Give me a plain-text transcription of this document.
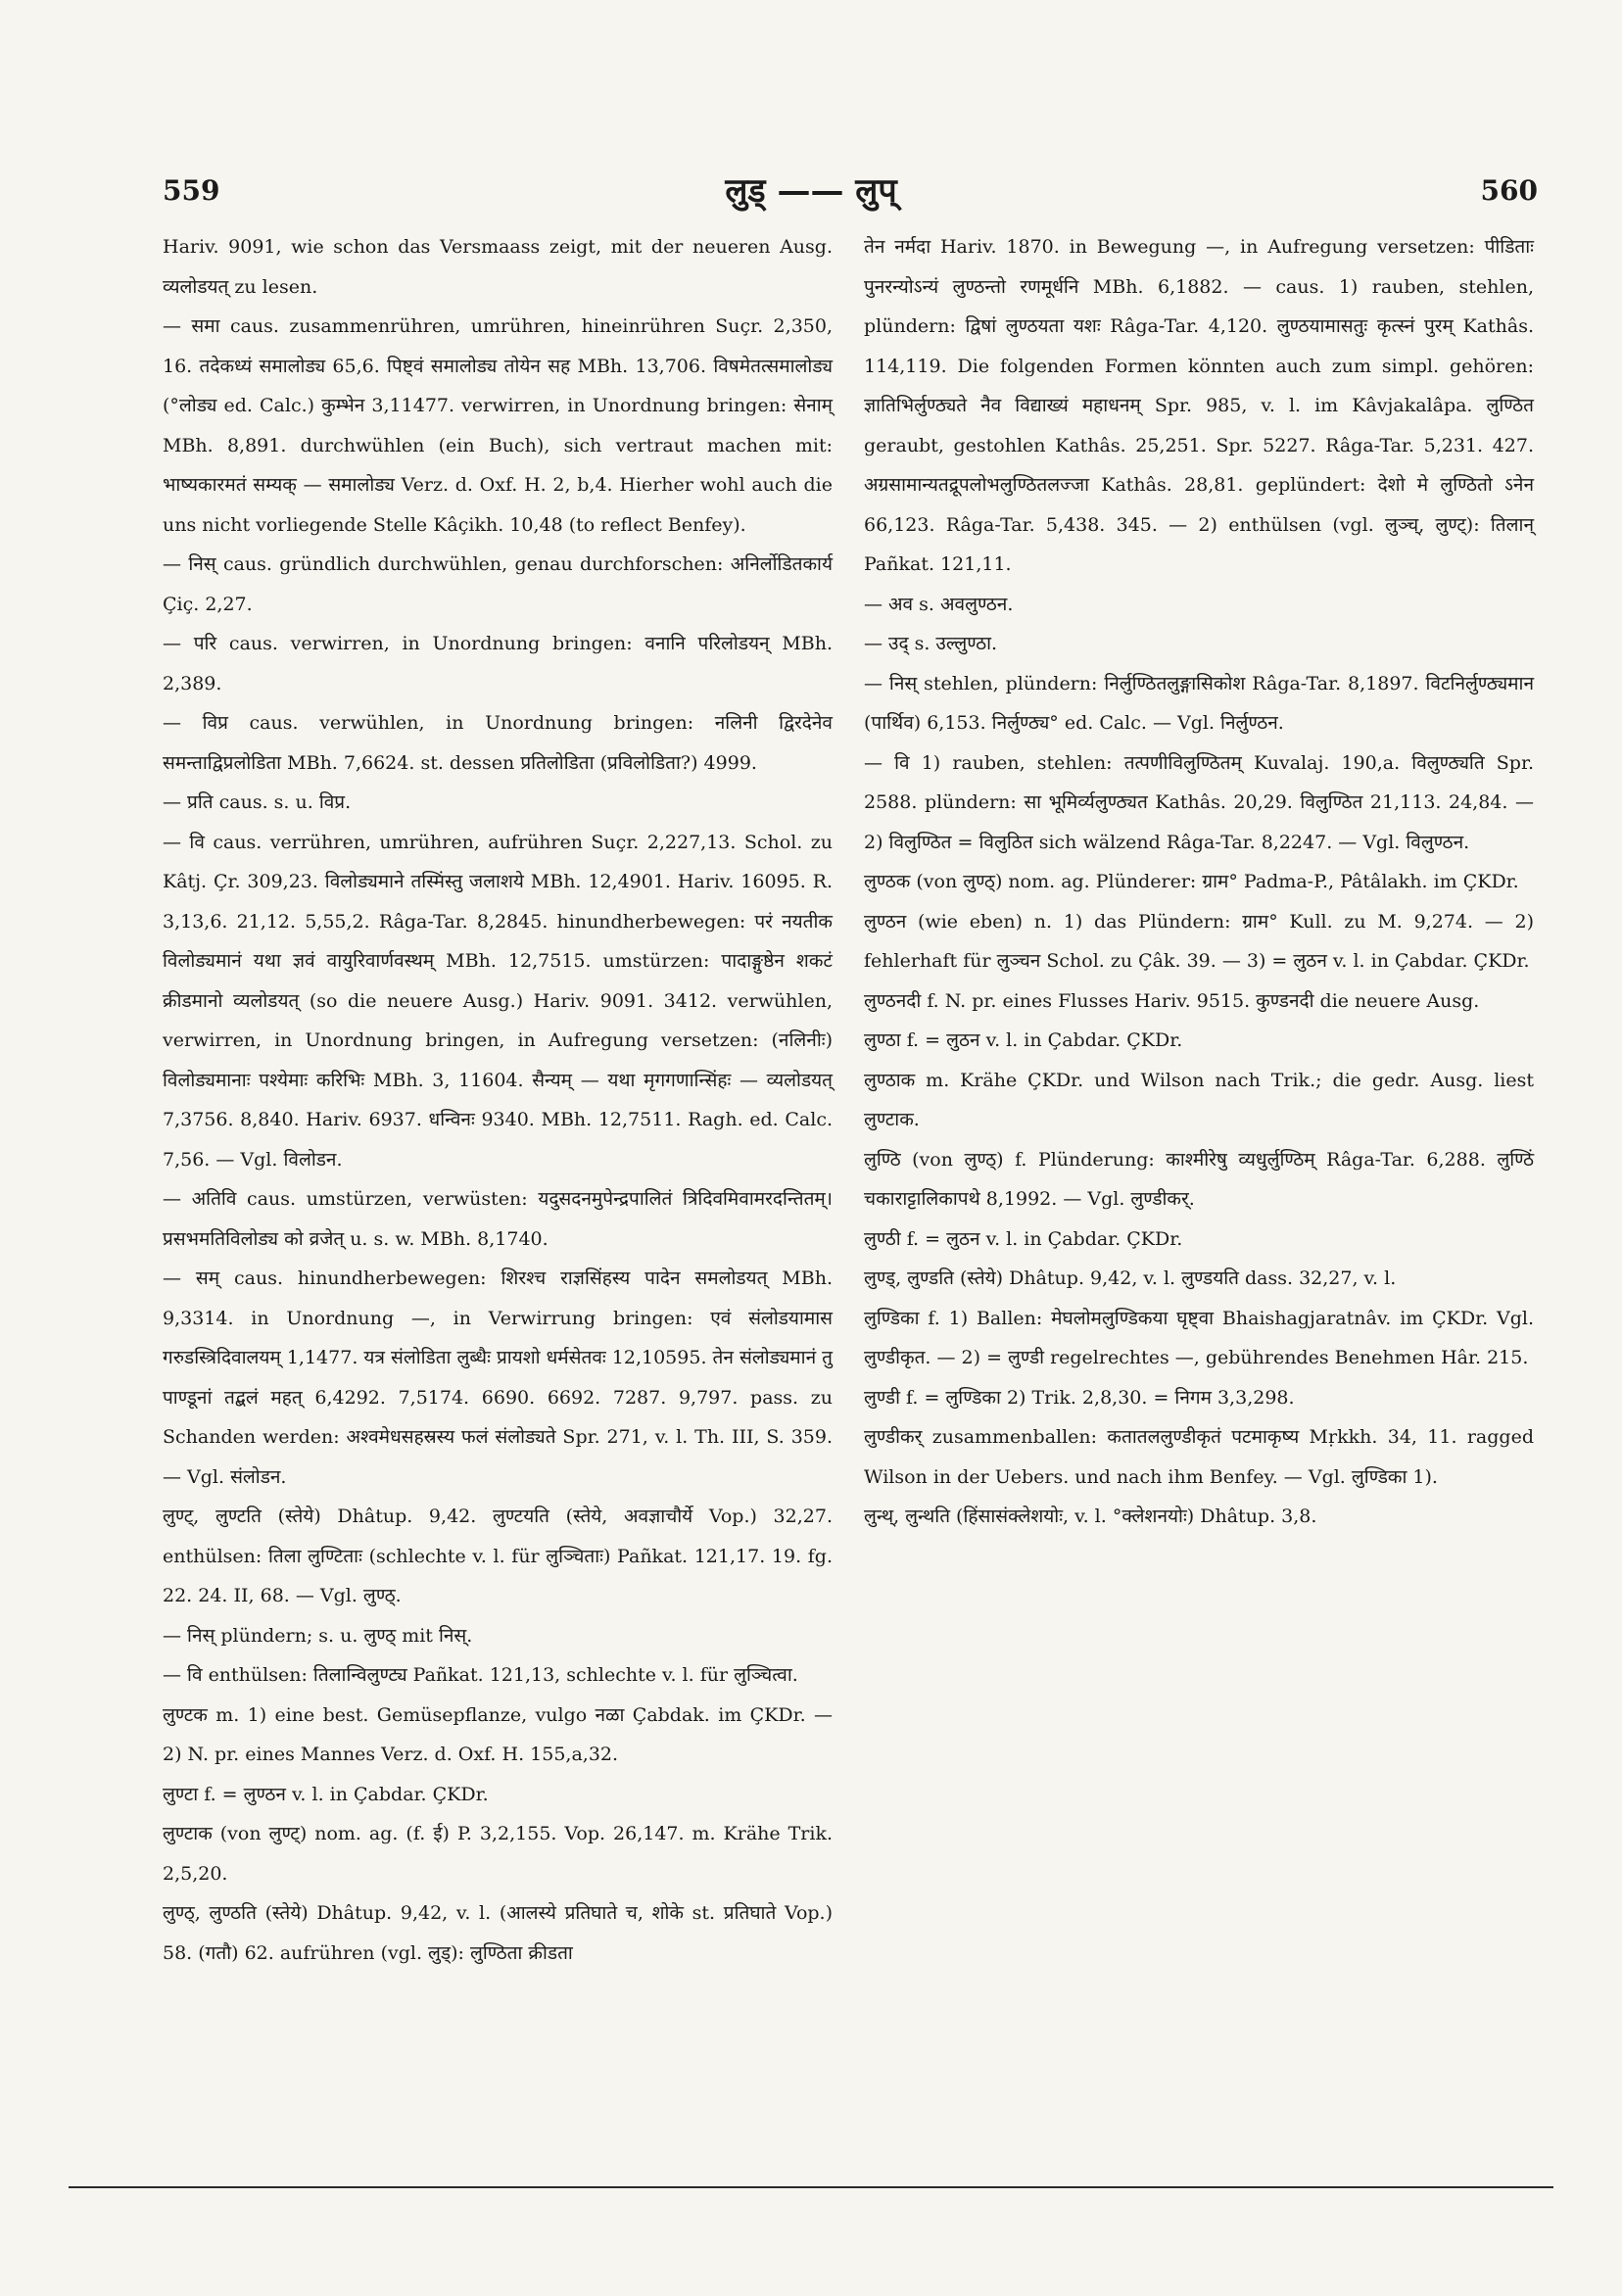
559	लुड् —— लुप्	560

Hariv. 9091, wie schon das Versmaass zeigt, mit der neueren Ausg. व्यलोडयत् zu lesen.

— समा caus. zusammenrühren, umrühren, hineinrühren Suçr. 2,350, 16. तदेकध्यं समालोड्य 65,6. पिष्ट्वं समालोड्य तोयेन सह MBh. 13,706. विषमेतत्समालोड्य (°लोड्य ed. Calc.) कुम्भेन 3,11477. verwirren, in Unordnung bringen: सेनाम् MBh. 8,891. durchwühlen (ein Buch), sich vertraut machen mit: भाष्यकारमतं सम्यक् — समालोड्य Verz. d. Oxf. H. 2, b,4. Hierher wohl auch die uns nicht vorliegende Stelle Kâçikh. 10,48 (to reflect Benfey).

— निस् caus. gründlich durchwühlen, genau durchforschen: अनिर्लोडितकार्य Çiç. 2,27.

— परि caus. verwirren, in Unordnung bringen: वनानि परिलोडयन् MBh. 2,389.

— विप्र caus. verwühlen, in Unordnung bringen: नलिनी द्विरदेनेव समन्ताद्विप्रलोडिता MBh. 7,6624. st. dessen प्रतिलोडिता (प्रविलोडिता?) 4999.

— प्रति caus. s. u. विप्र.

— वि caus. verrühren, umrühren, aufrühren Suçr. 2,227,13. Schol. zu Kâtj. Çr. 309,23. विलोड्यमाने तस्मिंस्तु जलाशये MBh. 12,4901. Hariv. 16095. R. 3,13,6. 21,12. 5,55,2. Râga-Tar. 8,2845. hinundherbewegen: परं नयतीक विलोड्यमानं यथा ज्ञवं वायुरिवार्णवस्थम् MBh. 12,7515. umstürzen: पादाङ्गुष्ठेन शकटं क्रीडमानो व्यलोडयत् (so die neuere Ausg.) Hariv. 9091. 3412. verwühlen, verwirren, in Unordnung bringen, in Aufregung versetzen: (नलिनीः) विलोड्यमानाः पश्येमाः करिभिः MBh. 3, 11604. सैन्यम् — यथा मृगगणान्सिंहः — व्यलोडयत् 7,3756. 8,840. Hariv. 6937. धन्विनः 9340. MBh. 12,7511. Ragh. ed. Calc. 7,56. — Vgl. विलोडन.

— अतिवि caus. umstürzen, verwüsten: यदुसदनमुपेन्द्रपालितं त्रिदिवमिवामरदन्तितम्। प्रसभमतिविलोड्य को व्रजेत् u. s. w. MBh. 8,1740.

— सम् caus. hinundherbewegen: शिरश्च राज्ञसिंहस्य पादेन समलोडयत् MBh. 9,3314. in Unordnung —, in Verwirrung bringen: एवं संलोडयामास गरुडस्त्रिदिवालयम् 1,1477. यत्र संलोडिता लुब्धैः प्रायशो धर्मसेतवः 12,10595. तेन संलोड्यमानं तु पाण्डूनां तद्बलं महत् 6,4292. 7,5174. 6690. 6692. 7287. 9,797. pass. zu Schanden werden: अश्वमेधसहस्रस्य फलं संलोड्यते Spr. 271, v. l. Th. III, S. 359. — Vgl. संलोडन.

लुण्ट्, लुण्टति (स्तेये) Dhâtup. 9,42. लुण्टयति (स्तेये, अवज्ञाचौर्ये Vop.) 32,27. enthülsen: तिला लुण्टिताः (schlechte v. l. für लुञ्चिताः) Pañkat. 121,17. 19. fg. 22. 24. II, 68. — Vgl. लुण्ठ्.

— निस् plündern; s. u. लुण्ठ् mit निस्.

— वि enthülsen: तिलान्विलुण्ट्य Pañkat. 121,13, schlechte v. l. für लुञ्चित्वा.

लुण्टक m. 1) eine best. Gemüsepflanze, vulgo नळा Çabdak. im ÇKDr. — 2) N. pr. eines Mannes Verz. d. Oxf. H. 155,a,32.

लुण्टा f. = लुण्ठन v. l. in Çabdar. ÇKDr.

लुण्टाक (von लुण्ट्) nom. ag. (f. ई) P. 3,2,155. Vop. 26,147. m. Krähe Trik. 2,5,20.

लुण्ठ्, लुण्ठति (स्तेये) Dhâtup. 9,42, v. l. (आलस्ये प्रतिघाते च, शोके st. प्रतिघाते Vop.) 58. (गतौ) 62. aufrühren (vgl. लुड्): लुण्ठिता क्रीडता

तेन नर्मदा Hariv. 1870. in Bewegung —, in Aufregung versetzen: पीडिताः पुनरन्योऽन्यं लुण्ठन्तो रणमूर्धनि MBh. 6,1882. — caus. 1) rauben, stehlen, plündern: द्विषां लुण्ठयता यशः Râga-Tar. 4,120. लुण्ठयामासतुः कृत्स्नं पुरम् Kathâs. 114,119. Die folgenden Formen könnten auch zum simpl. gehören: ज्ञातिभिर्लुण्ठ्यते नैव विद्याख्यं महाधनम् Spr. 985, v. l. im Kâvjakalâpa. लुण्ठित geraubt, gestohlen Kathâs. 25,251. Spr. 5227. Râga-Tar. 5,231. 427. अग्रसामान्यतद्रूपलोभलुण्ठितलज्जा Kathâs. 28,81. geplündert: देशो मे लुण्ठितो ऽनेन 66,123. Râga-Tar. 5,438. 345. — 2) enthülsen (vgl. लुञ्च्, लुण्ट्): तिलान् Pañkat. 121,11.

— अव s. अवलुण्ठन.

— उद् s. उल्लुण्ठा.

— निस् stehlen, plündern: निर्लुण्ठितलुङ्गासिकोश Râga-Tar. 8,1897. विटनिर्लुण्ठ्यमान (पार्थिव) 6,153. निर्लुण्ठ्य° ed. Calc. — Vgl. निर्लुण्ठन.

— वि 1) rauben, stehlen: तत्पणीविलुण्ठितम् Kuvalaj. 190,a. विलुण्ठ्यति Spr. 2588. plündern: सा भूमिर्व्यलुण्ठ्यत Kathâs. 20,29. विलुण्ठित 21,113. 24,84. — 2) विलुण्ठित = विलुठित sich wälzend Râga-Tar. 8,2247. — Vgl. विलुण्ठन.

लुण्ठक (von लुण्ठ्) nom. ag. Plünderer: ग्राम° Padma-P., Pâtâlakh. im ÇKDr.

लुण्ठन (wie eben) n. 1) das Plündern: ग्राम° Kull. zu M. 9,274. — 2) fehlerhaft für लुञ्चन Schol. zu Çâk. 39. — 3) = लुठन v. l. in Çabdar. ÇKDr.

लुण्ठनदी f. N. pr. eines Flusses Hariv. 9515. कुण्डनदी die neuere Ausg.

लुण्ठा f. = लुठन v. l. in Çabdar. ÇKDr.

लुण्ठाक m. Krähe ÇKDr. und Wilson nach Trik.; die gedr. Ausg. liest लुण्टाक.

लुण्ठि (von लुण्ठ्) f. Plünderung: काश्मीरेषु व्यधुर्लुण्ठिम् Râga-Tar. 6,288. लुण्ठिं चकाराट्टालिकापथे 8,1992. — Vgl. लुण्डीकर्.

लुण्ठी f. = लुठन v. l. in Çabdar. ÇKDr.

लुण्ड्, लुण्डति (स्तेये) Dhâtup. 9,42, v. l. लुण्डयति dass. 32,27, v. l.

लुण्डिका f. 1) Ballen: मेघलोमलुण्डिकया घृष्ट्वा Bhaishagjaratnâv. im ÇKDr. Vgl. लुण्डीकृत. — 2) = लुण्डी regelrechtes —, gebührendes Benehmen Hâr. 215.

लुण्डी f. = लुण्डिका 2) Trik. 2,8,30. = निगम 3,3,298.

लुण्डीकर् zusammenballen: कतातललुण्डीकृतं पटमाकृष्य Mṛkkh. 34, 11. ragged Wilson in der Uebers. und nach ihm Benfey. — Vgl. लुण्डिका 1).

लुन्थ्, लुन्थति (हिंसासंक्लेशयोः, v. l. °क्लेशनयोः) Dhâtup. 3,8.
